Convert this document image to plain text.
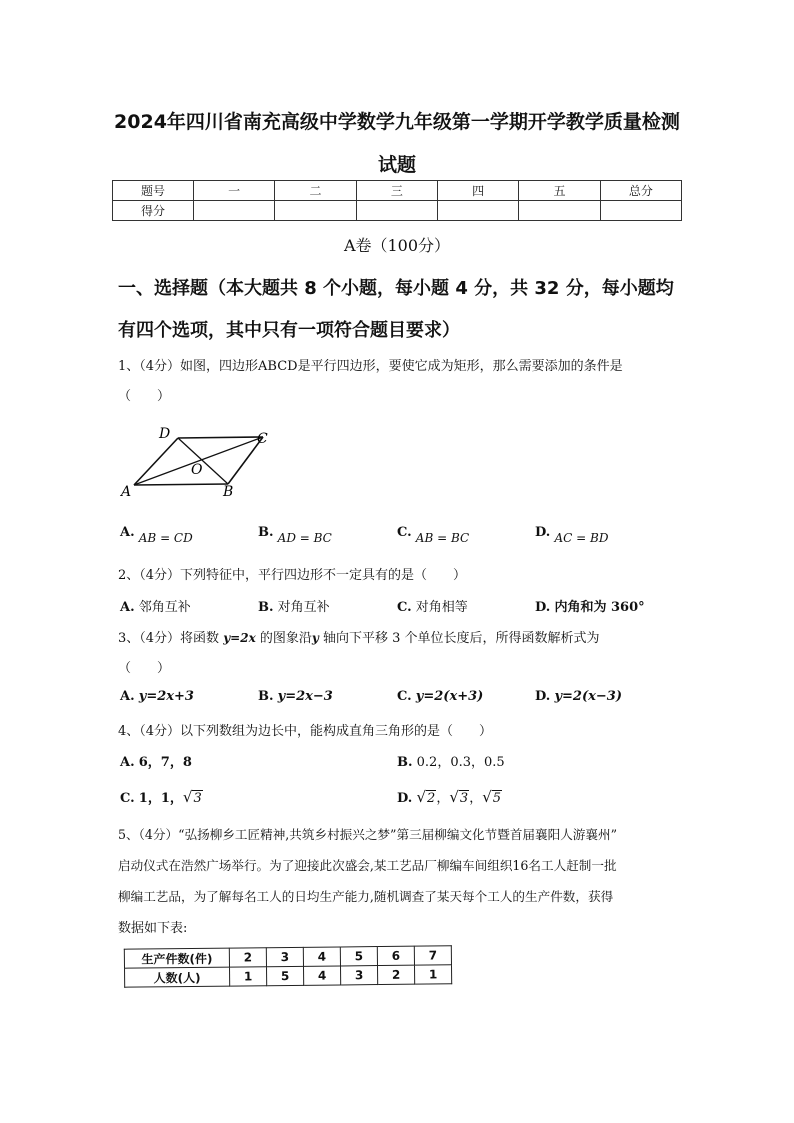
2024年四川省南充高级中学数学九年级第一学期开学教学质量检测
试题
题号	一	二	三	四	五	总分
得分						
A卷（100分）
一、选择题（本大题共 8 个小题，每小题 4 分，共 32 分，每小题均
有四个选项，其中只有一项符合题目要求）
1、（4分）如图，四边形ABCD是平行四边形，要使它成为矩形，那么需要添加的条件是
（　　）
D	C
O
A	B
A. AB = CD	B. AD = BC	C. AB = BC	D. AC = BD
2、（4分）下列特征中，平行四边形不一定具有的是（　　）
A. 邻角互补	B. 对角互补	C. 对角相等	D. 内角和为 360°
3、（4分）将函数 y=2x 的图象沿y 轴向下平移 3 个单位长度后，所得函数解析式为
（　　）
A. y=2x+3	B. y=2x−3	C. y=2(x+3)	D. y=2(x−3)
4、（4分）以下列数组为边长中，能构成直角三角形的是（　　）
A. 6，7，8	B. 0.2，0.3，0.5
C. 1，1，√3	D. √2，√3，√5
5、（4分）“弘扬柳乡工匠精神,共筑乡村振兴之梦”第三届柳编文化节暨首届襄阳人游襄州”
启动仪式在浩然广场举行。为了迎接此次盛会,某工艺品厂柳编车间组织16名工人赶制一批
柳编工艺品，为了解每名工人的日均生产能力,随机调查了某天每个工人的生产件数，获得
数据如下表:
生产件数(件)	2	3	4	5	6	7
人数(人)	1	5	4	3	2	1
